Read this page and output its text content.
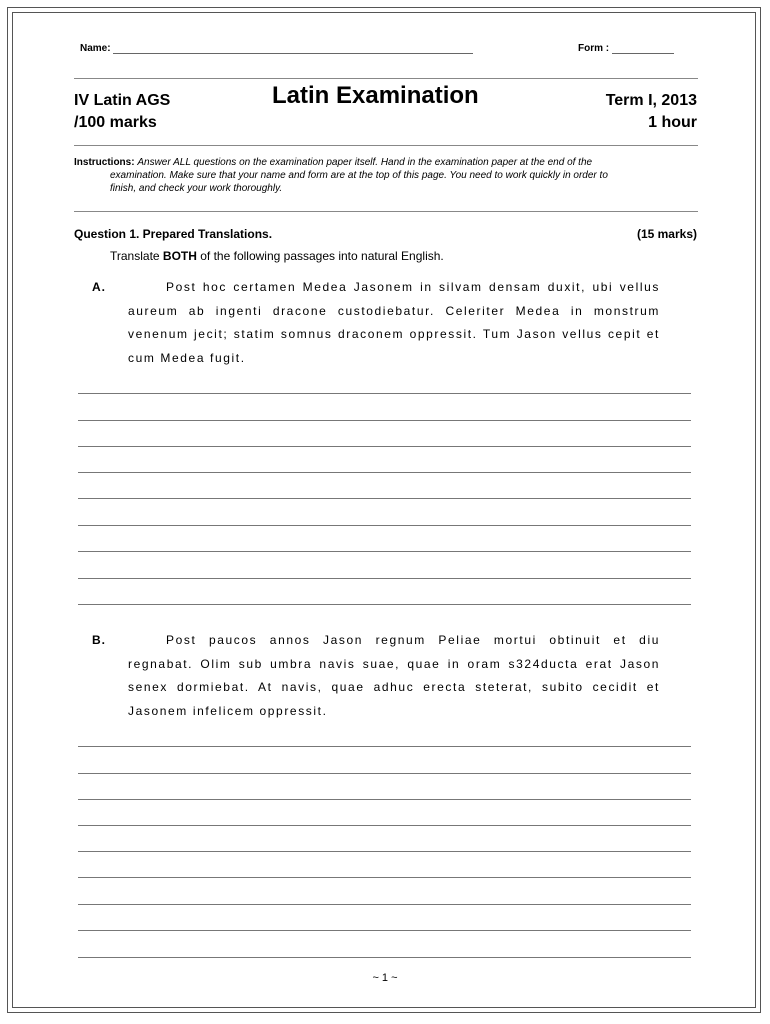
Name:	Form :
IV Latin AGS
/100 marks
Latin Examination	Term I, 2013
1 hour
Instructions: Answer ALL questions on the examination paper itself. Hand in the examination paper at the end of the
examination. Make sure that your name and form are at the top of this page. You need to work quickly in order to
finish, and check your work thoroughly.
Question 1. Prepared Translations.	(15 marks)
Translate BOTH of the following passages into natural English.
A.	Post hoc certamen Medea Jasonem in silvam densam duxit, ubi vellus aureum ab ingenti dracone custodiebatur. Celeriter Medea in monstrum venenum jecit; statim somnus draconem oppressit. Tum Jason vellus cepit et cum Medea fugit.
B.	Post paucos annos Jason regnum Peliae mortui obtinuit et diu regnabat. Olim sub umbra navis suae, quae in oram s324ducta erat Jason senex dormiebat. At navis, quae adhuc erecta steterat, subito cecidit et Jasonem infelicem oppressit.
~ 1 ~
